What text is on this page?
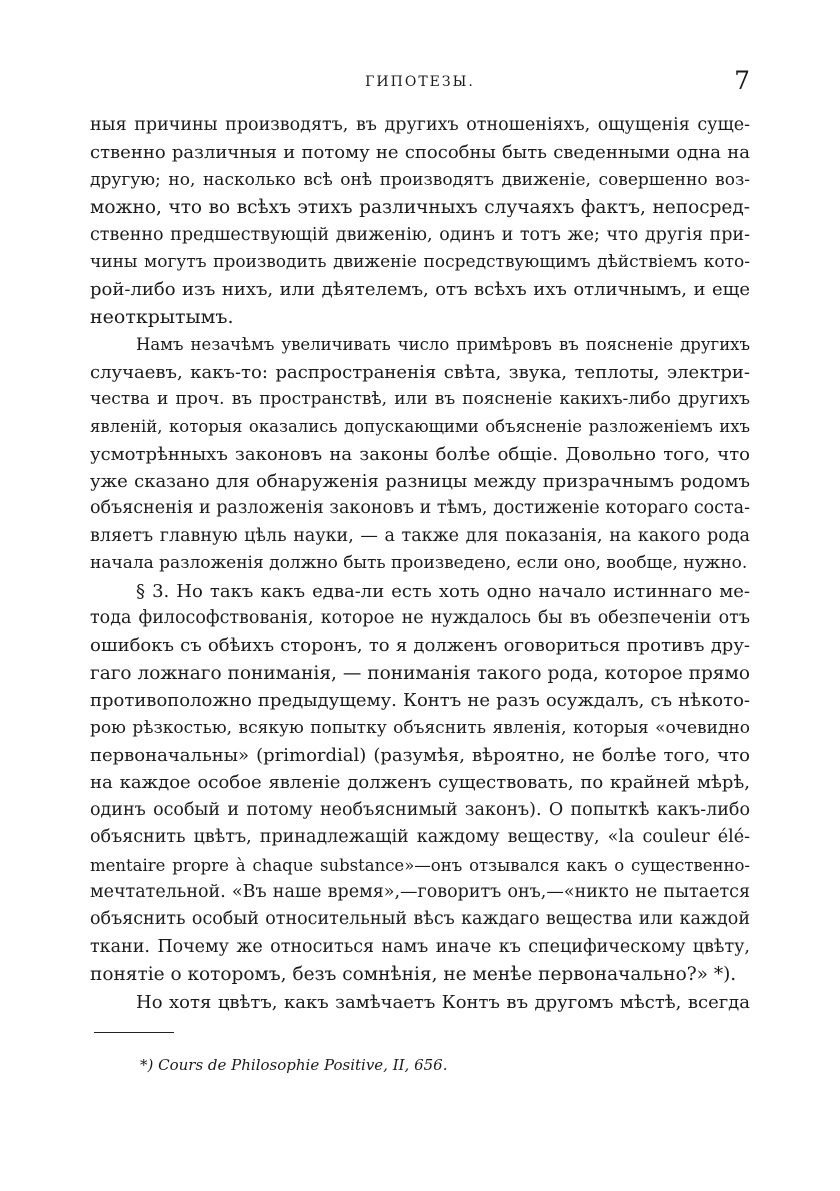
ГИПОТЕЗЫ.	7
ныя причины производятъ, въ другихъ отношеніяхъ, ощущенія суще-
ственно различныя и потому не способны быть сведенными одна на
другую; но, насколько всѣ онѣ производятъ движеніе, совершенно воз-
можно, что во всѣхъ этихъ различныхъ случаяхъ фактъ, непосред-
ственно предшествующій движенію, одинъ и тотъ же; что другія при-
чины могутъ производить движеніе посредствующимъ дѣйствіемъ кото-
рой-либо изъ нихъ, или дѣятелемъ, отъ всѣхъ ихъ отличнымъ, и еще
неоткрытымъ.
Намъ незачѣмъ увеличивать число примѣровъ въ поясненіе другихъ
случаевъ, какъ-то: распространенія свѣта, звука, теплоты, электри-
чества и проч. въ пространствѣ, или въ поясненіе какихъ-либо другихъ
явленій, которыя оказались допускающими объясненіе разложеніемъ ихъ
усмотрѣнныхъ законовъ на законы болѣе общіе. Довольно того, что
уже сказано для обнаруженія разницы между призрачнымъ родомъ
объясненія и разложенія законовъ и тѣмъ, достиженіе котораго соста-
вляетъ главную цѣль науки, — а также для показанія, на какого рода
начала разложенія должно быть произведено, если оно, вообще, нужно.
§ 3. Но такъ какъ едва-ли есть хоть одно начало истиннаго ме-
тода философствованія, которое не нуждалось бы въ обезпеченіи отъ
ошибокъ съ обѣихъ сторонъ, то я долженъ оговориться противъ дру-
гаго ложнаго пониманія, — пониманія такого рода, которое прямо
противоположно предыдущему. Контъ не разъ осуждалъ, съ нѣкото-
рою рѣзкостью, всякую попытку объяснить явленія, которыя «очевидно
первоначальны» (primordial) (разумѣя, вѣроятно, не болѣе того, что
на каждое особое явленіе долженъ существовать, по крайней мѣрѣ,
одинъ особый и потому необъяснимый законъ). О попыткѣ какъ-либо
объяснить цвѣтъ, принадлежащій каждому веществу, «la couleur élé-
mentaire propre à chaque substance»—онъ отзывался какъ о существенно-
мечтательной. «Въ наше время»,—говоритъ онъ,—«никто не пытается
объяснить особый относительный вѣсъ каждаго вещества или каждой
ткани. Почему же относиться намъ иначе къ специфическому цвѣту,
понятіе о которомъ, безъ сомнѣнія, не менѣе первоначально?» *).
Но хотя цвѣтъ, какъ замѣчаетъ Контъ въ другомъ мѣстѣ, всегда
*) Cours de Philosophie Positive, II, 656.
